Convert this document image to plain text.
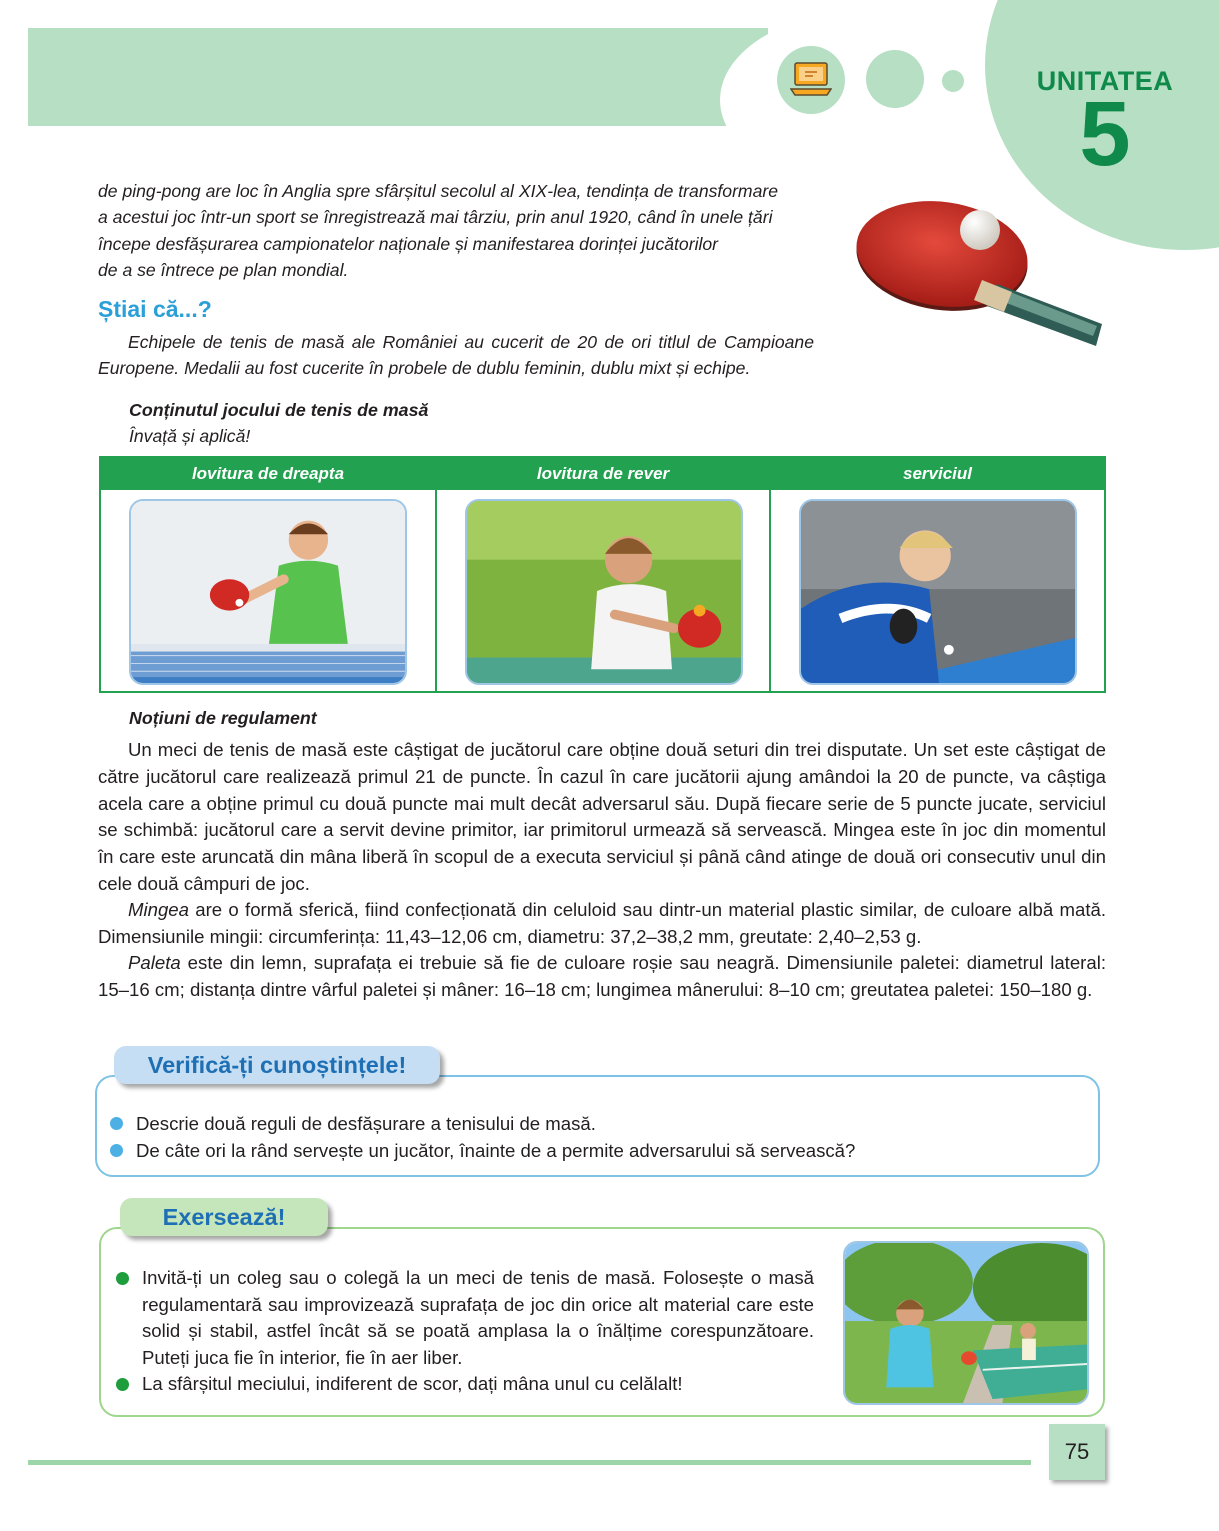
UNITATEA
5
de ping-pong are loc în Anglia spre sfârșitul secolul al XIX-lea, tendința de transformare
a acestui joc într-un sport se înregistrează mai târziu, prin anul 1920, când în unele țări
începe desfășurarea campionatelor naționale și manifestarea dorinței jucătorilor
de a se întrece pe plan mondial.
Știai că...?
Echipele de tenis de masă ale României au cucerit de 20 de ori titlul de Campioane Europene. Medalii au fost cucerite în probele de dublu feminin, dublu mixt și echipe.
Conținutul jocului de tenis de masă
Învață și aplică!
lovitura de dreapta	lovitura de rever	serviciul
Noțiuni de regulament
Un meci de tenis de masă este câștigat de jucătorul care obține două seturi din trei disputate. Un set este câștigat de către jucătorul care realizează primul 21 de puncte. În cazul în care jucătorii ajung amândoi la 20 de puncte, va câștiga acela care a obține primul cu două puncte mai mult decât adversarul său. După fiecare serie de 5 puncte jucate, serviciul se schimbă: jucătorul care a servit devine primitor, iar primitorul urmează să servească. Mingea este în joc din momentul în care este aruncată din mâna liberă în scopul de a executa serviciul și până când atinge de două ori consecutiv unul din cele două câmpuri de joc.
Mingea are o formă sferică, fiind confecționată din celuloid sau dintr-un material plastic similar, de culoare albă mată. Dimensiunile mingii: circumferința: 11,43–12,06 cm, diametru: 37,2–38,2 mm, greutate: 2,40–2,53 g.
Paleta este din lemn, suprafața ei trebuie să fie de culoare roșie sau neagră. Dimensiunile paletei: diametrul lateral: 15–16 cm; distanța dintre vârful paletei și mâner: 16–18 cm; lungimea mânerului: 8–10 cm; greutatea paletei: 150–180 g.
Verifică-ți cunoștințele!
Descrie două reguli de desfășurare a tenisului de masă.
De câte ori la rând servește un jucător, înainte de a permite adversarului să servească?
Exersează!
Invită-ți un coleg sau o colegă la un meci de tenis de masă. Folosește o masă regulamentară sau improvizează suprafața de joc din orice alt material care este solid și stabil, astfel încât să se poată amplasa la o înălțime corespunzătoare. Puteți juca fie în interior, fie în aer liber.
La sfârșitul meciului, indiferent de scor, dați mâna unul cu celălalt!
75
